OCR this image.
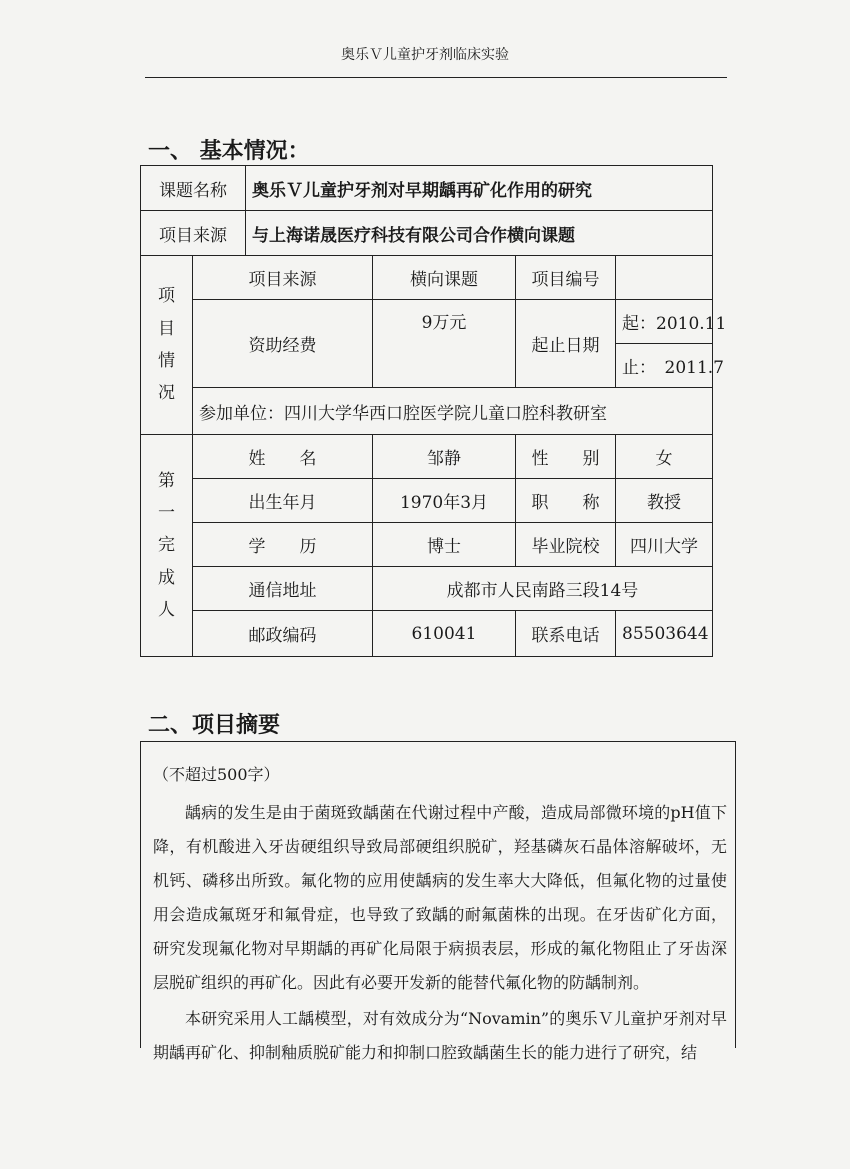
奥乐Ｖ儿童护牙剂临床实验
一、 基本情况：
课题名称		奥乐Ｖ儿童护牙剂对早期龋再矿化作用的研究			
项目来源		与上海诺晟医疗科技有限公司合作横向课题			

项
目
情
况	项目来源		横向课题	项目编号	
	资助经费		9万元	起止日期	起：2010.11
					止：　2011.7
	参加单位：四川大学华西口腔医学院儿童口腔科教研室				

第
一
完
成
人	姓　　名		邹静	性　　别	女
	出生年月		1970年3月	职　　称	教授
	学　　历		博士	毕业院校	四川大学
	通信地址		成都市人民南路三段14号		
	邮政编码		610041	联系电话	85503644
二、项目摘要

（不超过500字）

龋病的发生是由于菌斑致龋菌在代谢过程中产酸，造成局部微环境的pH值下降，有机酸进入牙齿硬组织导致局部硬组织脱矿，羟基磷灰石晶体溶解破坏，无机钙、磷移出所致。氟化物的应用使龋病的发生率大大降低，但氟化物的过量使用会造成氟斑牙和氟骨症，也导致了致龋的耐氟菌株的出现。在牙齿矿化方面，研究发现氟化物对早期龋的再矿化局限于病损表层，形成的氟化物阻止了牙齿深层脱矿组织的再矿化。因此有必要开发新的能替代氟化物的防龋制剂。

本研究采用人工龋模型，对有效成分为“Novamin”的奥乐Ｖ儿童护牙剂对早期龋再矿化、抑制釉质脱矿能力和抑制口腔致龋菌生长的能力进行了研究，结
